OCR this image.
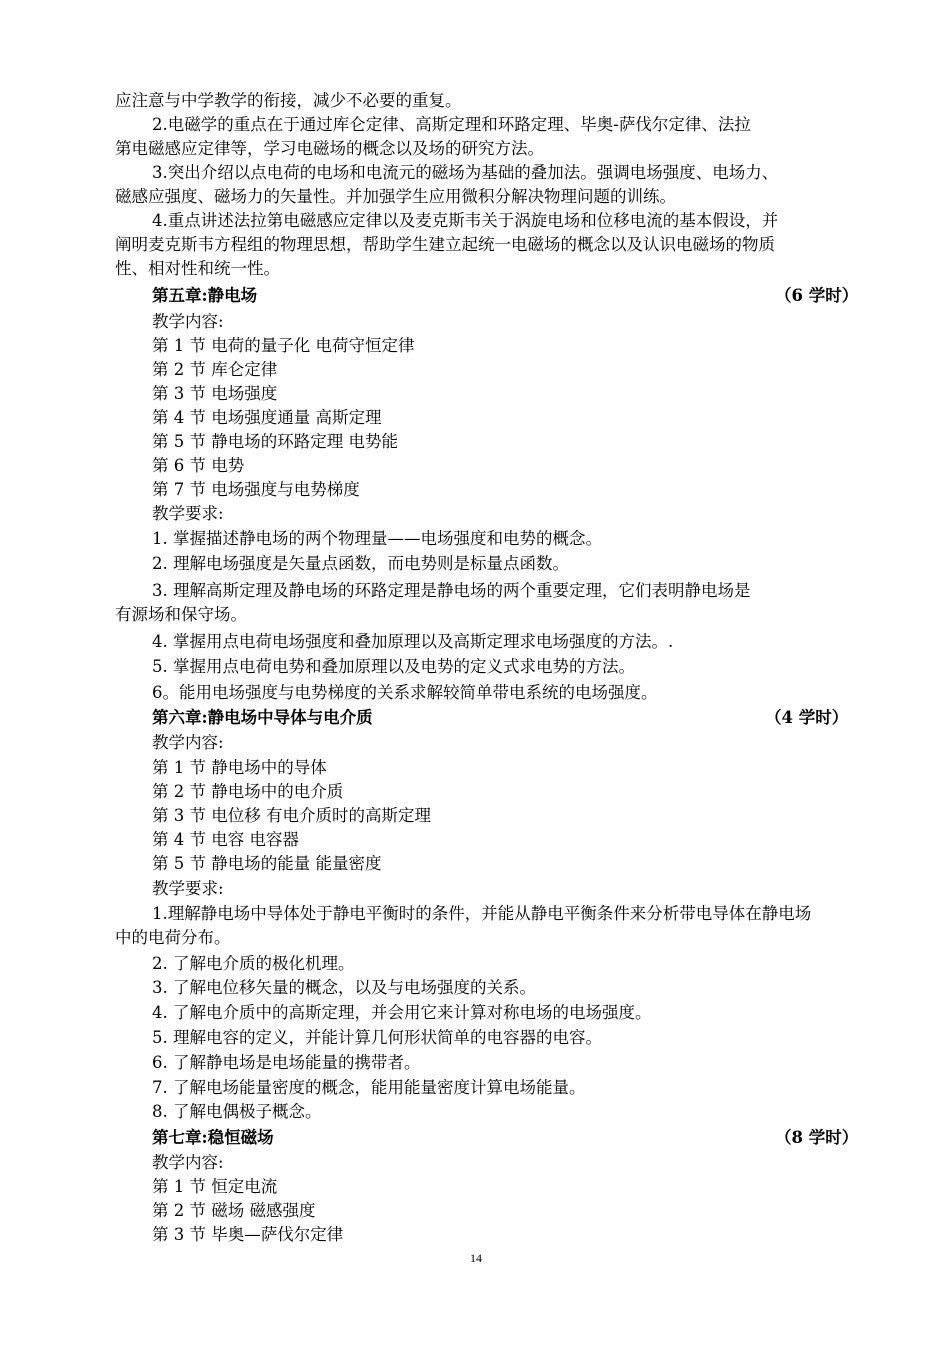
应注意与中学教学的衔接，减少不必要的重复。
2.电磁学的重点在于通过库仑定律、高斯定理和环路定理、毕奥-萨伐尔定律、法拉
第电磁感应定律等，学习电磁场的概念以及场的研究方法。
3.突出介绍以点电荷的电场和电流元的磁场为基础的叠加法。强调电场强度、电场力、
磁感应强度、磁场力的矢量性。并加强学生应用微积分解决物理问题的训练。
4.重点讲述法拉第电磁感应定律以及麦克斯韦关于涡旋电场和位移电流的基本假设，并
阐明麦克斯韦方程组的物理思想，帮助学生建立起统一电磁场的概念以及认识电磁场的物质
性、相对性和统一性。
第五章:静电场	（6 学时）
教学内容:
第 1 节 电荷的量子化 电荷守恒定律
第 2 节 库仑定律
第 3 节 电场强度
第 4 节 电场强度通量 高斯定理
第 5 节 静电场的环路定理 电势能
第 6 节 电势
第 7 节 电场强度与电势梯度
教学要求:
1. 掌握描述静电场的两个物理量——电场强度和电势的概念。
2. 理解电场强度是矢量点函数，而电势则是标量点函数。
3. 理解高斯定理及静电场的环路定理是静电场的两个重要定理，它们表明静电场是
有源场和保守场。
4. 掌握用点电荷电场强度和叠加原理以及高斯定理求电场强度的方法。.
5. 掌握用点电荷电势和叠加原理以及电势的定义式求电势的方法。
6。能用电场强度与电势梯度的关系求解较简单带电系统的电场强度。
第六章:静电场中导体与电介质	（4 学时）
教学内容:
第 1 节 静电场中的导体
第 2 节 静电场中的电介质
第 3 节 电位移 有电介质时的高斯定理
第 4 节 电容 电容器
第 5 节 静电场的能量 能量密度
教学要求:
1.理解静电场中导体处于静电平衡时的条件，并能从静电平衡条件来分析带电导体在静电场
中的电荷分布。
2. 了解电介质的极化机理。
3. 了解电位移矢量的概念，以及与电场强度的关系。
4. 了解电介质中的高斯定理，并会用它来计算对称电场的电场强度。
5. 理解电容的定义，并能计算几何形状简单的电容器的电容。
6. 了解静电场是电场能量的携带者。
7. 了解电场能量密度的概念，能用能量密度计算电场能量。
8. 了解电偶极子概念。
第七章:稳恒磁场	（8 学时）
教学内容:
第 1 节 恒定电流
第 2 节 磁场 磁感强度
第 3 节 毕奥—萨伐尔定律
14
